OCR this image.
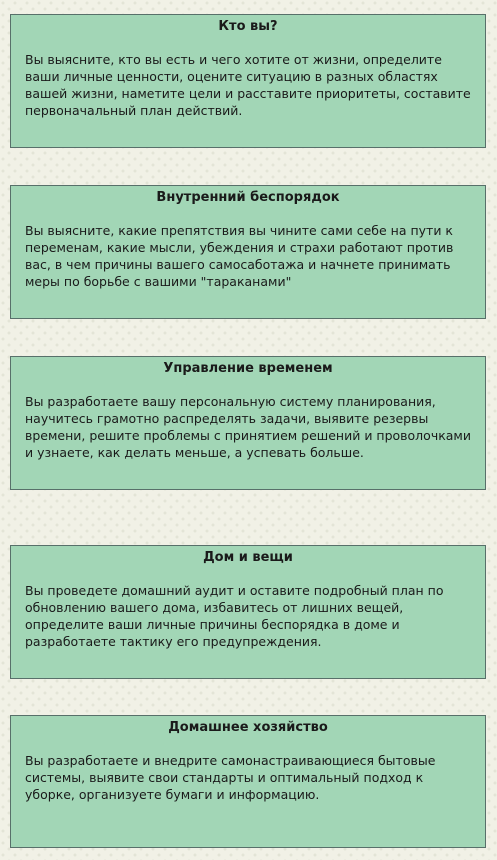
Кто вы?

Вы выясните, кто вы есть и чего хотите от жизни, определите ваши личные ценности, оцените ситуацию в разных областях вашей жизни, наметите цели и расставите приоритеты, составите первоначальный план действий.

Внутренний беспорядок

Вы выясните, какие препятствия вы чините сами себе на пути к переменам, какие мысли, убеждения и страхи работают против вас, в чем причины вашего самосаботажа и начнете принимать меры по борьбе с вашими "тараканами"

Управление временем

Вы разработаете вашу персональную систему планирования, научитесь грамотно распределять задачи, выявите резервы времени, решите проблемы с принятием решений и проволочками и узнаете, как делать меньше, а успевать больше.

Дом и вещи

Вы проведете домашний аудит и оставите подробный план по обновлению вашего дома, избавитесь от лишних вещей, определите ваши личные причины беспорядка в доме и разработаете тактику его предупреждения.

Домашнее хозяйство

Вы разработаете и внедрите самонастраивающиеся бытовые системы, выявите свои стандарты и оптимальный подход к уборке, организуете бумаги и информацию.
